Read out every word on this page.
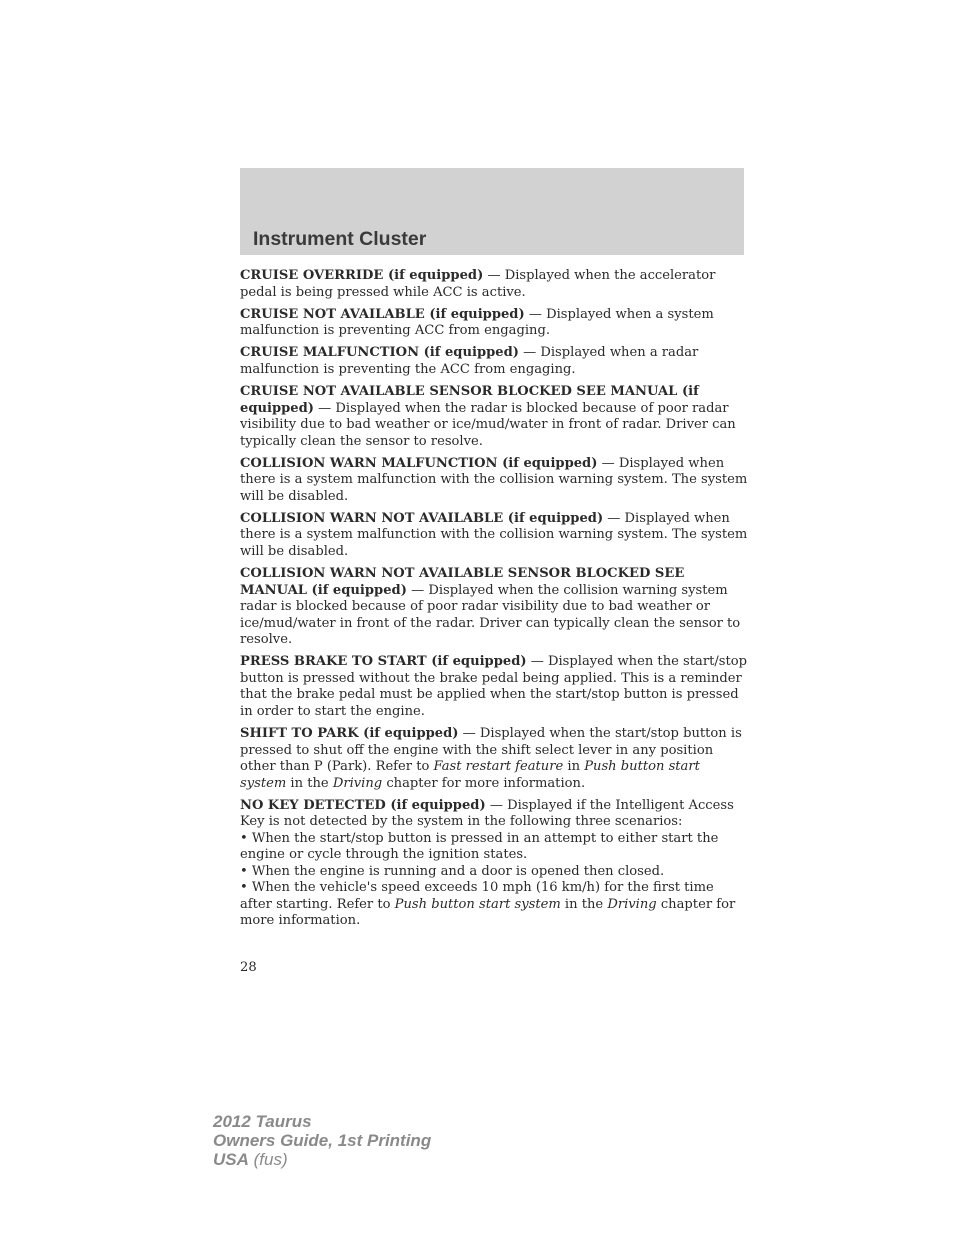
Instrument Cluster

CRUISE OVERRIDE (if equipped) — Displayed when the accelerator pedal is being pressed while ACC is active.

CRUISE NOT AVAILABLE (if equipped) — Displayed when a system malfunction is preventing ACC from engaging.

CRUISE MALFUNCTION (if equipped) — Displayed when a radar malfunction is preventing the ACC from engaging.

CRUISE NOT AVAILABLE SENSOR BLOCKED SEE MANUAL (if equipped) — Displayed when the radar is blocked because of poor radar visibility due to bad weather or ice/mud/water in front of radar. Driver can typically clean the sensor to resolve.

COLLISION WARN MALFUNCTION (if equipped) — Displayed when there is a system malfunction with the collision warning system. The system will be disabled.

COLLISION WARN NOT AVAILABLE (if equipped) — Displayed when there is a system malfunction with the collision warning system. The system will be disabled.

COLLISION WARN NOT AVAILABLE SENSOR BLOCKED SEE MANUAL (if equipped) — Displayed when the collision warning system radar is blocked because of poor radar visibility due to bad weather or ice/mud/water in front of the radar. Driver can typically clean the sensor to resolve.

PRESS BRAKE TO START (if equipped) — Displayed when the start/stop button is pressed without the brake pedal being applied. This is a reminder that the brake pedal must be applied when the start/stop button is pressed in order to start the engine.

SHIFT TO PARK (if equipped) — Displayed when the start/stop button is pressed to shut off the engine with the shift select lever in any position other than P (Park). Refer to Fast restart feature in Push button start system in the Driving chapter for more information.

NO KEY DETECTED (if equipped) — Displayed if the Intelligent Access Key is not detected by the system in the following three scenarios:

• When the start/stop button is pressed in an attempt to either start the engine or cycle through the ignition states.

• When the engine is running and a door is opened then closed.

• When the vehicle's speed exceeds 10 mph (16 km/h) for the first time after starting. Refer to Push button start system in the Driving chapter for more information.

28
2012 Taurus
Owners Guide, 1st Printing
USA (fus)
